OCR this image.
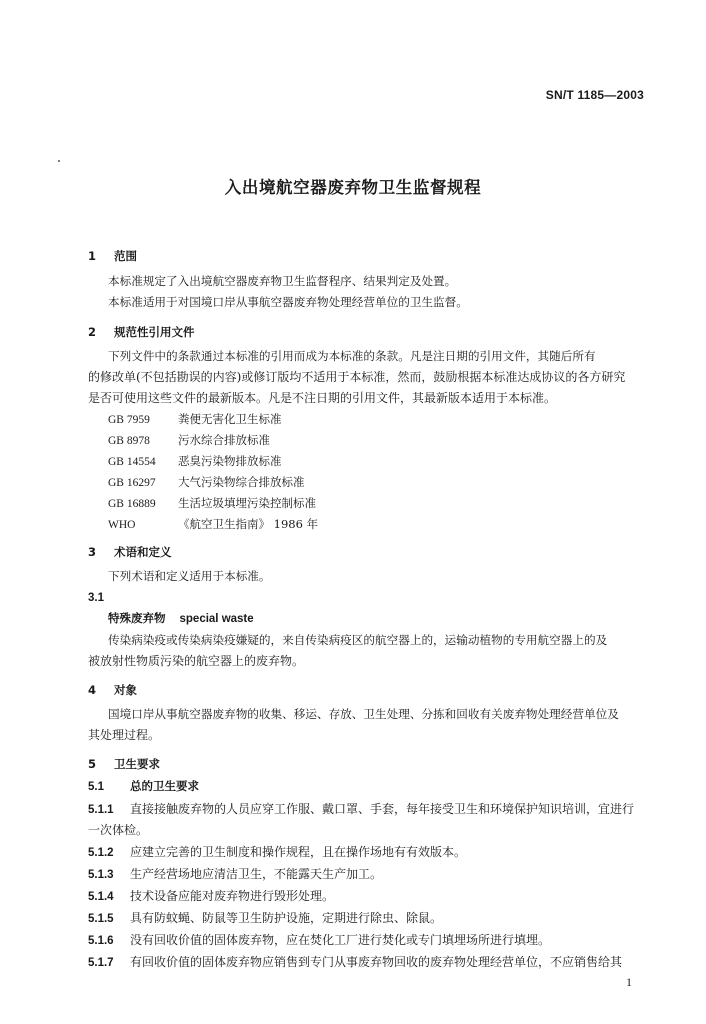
SN/T 1185—2003
入出境航空器废弃物卫生监督规程
1 范围
本标准规定了入出境航空器废弃物卫生监督程序、结果判定及处置。
本标准适用于对国境口岸从事航空器废弃物处理经营单位的卫生监督。
2 规范性引用文件
下列文件中的条款通过本标准的引用而成为本标准的条款。凡是注日期的引用文件，其随后所有
的修改单(不包括勘误的内容)或修订版均不适用于本标准，然而，鼓励根据本标准达成协议的各方研究
是否可使用这些文件的最新版本。凡是不注日期的引用文件，其最新版本适用于本标准。
GB 7959 粪便无害化卫生标准
GB 8978 污水综合排放标准
GB 14554 恶臭污染物排放标准
GB 16297 大气污染物综合排放标准
GB 16889 生活垃圾填埋污染控制标准
WHO	《航空卫生指南》 1986 年
3 术语和定义
下列术语和定义适用于本标准。
3.1
特殊废弃物 special waste
传染病染疫或传染病染疫嫌疑的，来自传染病疫区的航空器上的，运输动植物的专用航空器上的及
被放射性物质污染的航空器上的废弃物。
4 对象
国境口岸从事航空器废弃物的收集、移运、存放、卫生处理、分拣和回收有关废弃物处理经营单位及
其处理过程。
5 卫生要求
5.1 总的卫生要求
5.1.1 直接接触废弃物的人员应穿工作服、戴口罩、手套，每年接受卫生和环境保护知识培训，宜进行
一次体检。
5.1.2 应建立完善的卫生制度和操作规程，且在操作场地有有效版本。
5.1.3 生产经营场地应清洁卫生，不能露天生产加工。
5.1.4 技术设备应能对废弃物进行毁形处理。
5.1.5 具有防蚊蝇、防鼠等卫生防护设施，定期进行除虫、除鼠。
5.1.6 没有回收价值的固体废弃物，应在焚化工厂进行焚化或专门填埋场所进行填埋。
5.1.7 有回收价值的固体废弃物应销售到专门从事废弃物回收的废弃物处理经营单位，不应销售给其
1
